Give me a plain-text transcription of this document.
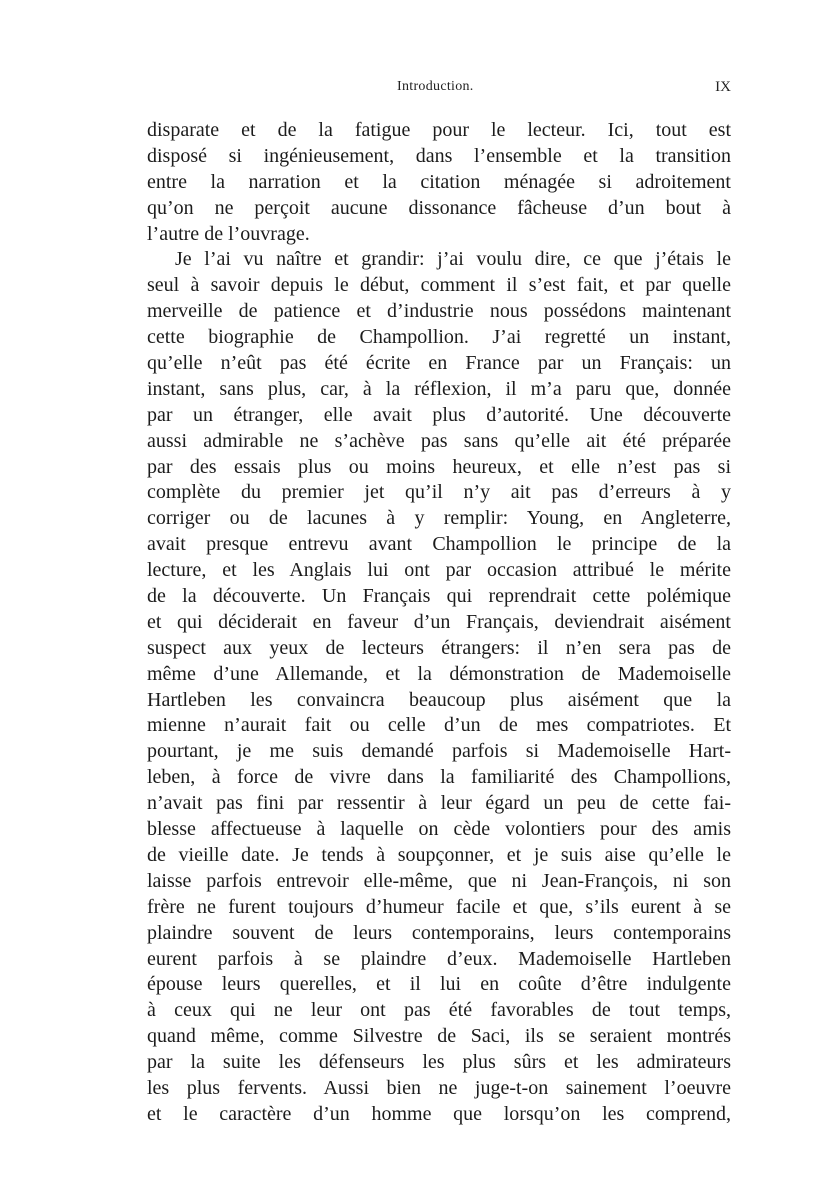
Introduction.	IX
disparate et de la fatigue pour le lecteur. Ici, tout est
disposé si ingénieusement, dans l’ensemble et la transition
entre la narration et la citation ménagée si adroitement
qu’on ne perçoit aucune dissonance fâcheuse d’un bout à
l’autre de l’ouvrage.
Je l’ai vu naître et grandir: j’ai voulu dire, ce que j’étais le
seul à savoir depuis le début, comment il s’est fait, et par quelle
merveille de patience et d’industrie nous possédons maintenant
cette biographie de Champollion. J’ai regretté un instant,
qu’elle n’eût pas été écrite en France par un Français: un
instant, sans plus, car, à la réflexion, il m’a paru que, donnée
par un étranger, elle avait plus d’autorité. Une découverte
aussi admirable ne s’achève pas sans qu’elle ait été préparée
par des essais plus ou moins heureux, et elle n’est pas si
complète du premier jet qu’il n’y ait pas d’erreurs à y
corriger ou de lacunes à y remplir: Young, en Angleterre,
avait presque entrevu avant Champollion le principe de la
lecture, et les Anglais lui ont par occasion attribué le mérite
de la découverte. Un Français qui reprendrait cette polémique
et qui déciderait en faveur d’un Français, deviendrait aisément
suspect aux yeux de lecteurs étrangers: il n’en sera pas de
même d’une Allemande, et la démonstration de Mademoiselle
Hartleben les convaincra beaucoup plus aisément que la
mienne n’aurait fait ou celle d’un de mes compatriotes. Et
pourtant, je me suis demandé parfois si Mademoiselle Hart-
leben, à force de vivre dans la familiarité des Champollions,
n’avait pas fini par ressentir à leur égard un peu de cette fai-
blesse affectueuse à laquelle on cède volontiers pour des amis
de vieille date. Je tends à soupçonner, et je suis aise qu’elle le
laisse parfois entrevoir elle-même, que ni Jean-François, ni son
frère ne furent toujours d’humeur facile et que, s’ils eurent à se
plaindre souvent de leurs contemporains, leurs contemporains
eurent parfois à se plaindre d’eux. Mademoiselle Hartleben
épouse leurs querelles, et il lui en coûte d’être indulgente
à ceux qui ne leur ont pas été favorables de tout temps,
quand même, comme Silvestre de Saci, ils se seraient montrés
par la suite les défenseurs les plus sûrs et les admirateurs
les plus fervents. Aussi bien ne juge-t-on sainement l’oeuvre
et le caractère d’un homme que lorsqu’on les comprend,
